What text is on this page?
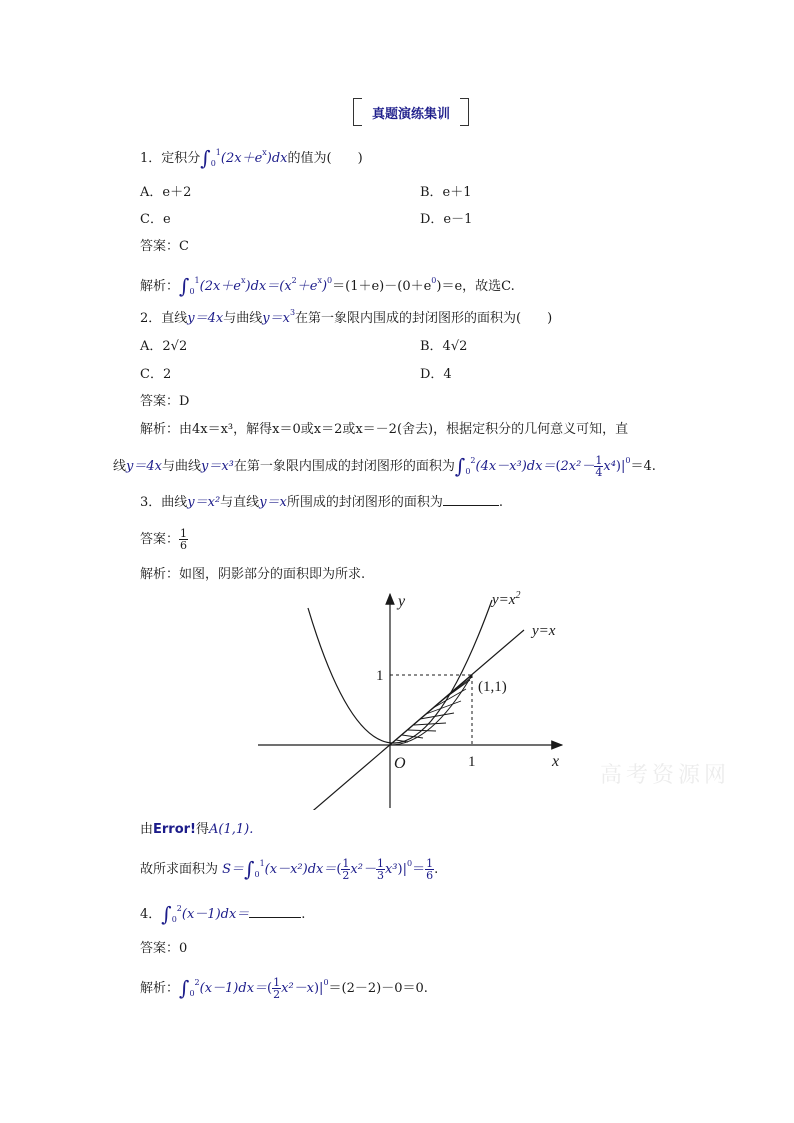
真题演练集训
1．定积分$\int_0^1(2x+e^x)dx$的值为(　　)
A．e＋2	B．e＋1
C．e	D．e－1
答案：C
解析：$\int_0^1(2x+e^x)dx=(x^2+e^x)^0=(1+e)-(0+e^0)=e$，故选C.
2．直线y＝4x与曲线$y=x^3$在第一象限内围成的封闭图形的面积为(　　)
A．2√2	B．4√2
C．2	D．4
答案：D
解析：由4x＝x³，解得x＝0或x＝2或x＝－2(舍去)，根据定积分的几何意义可知，直
线y＝4x与曲线y＝x³在第一象限内围成的封闭图形的面积为$\int_0^2(4x-x^3)dx=(2x^2- \frac{1}{4} x^4)|^0=4$.
3．曲线y＝x²与直线y＝x所围成的封闭图形的面积为	.
答案： $\frac{1}{6}$
解析：如图，阴影部分的面积即为所求.
y
x
O	1
1
(1,1)
$y=x^2$
y=x
高考资源网
由Error!得A(1,1).
故所求面积为 $S=\int_0^1(x-x^2)dx=( \frac{1}{2} x^2- \frac{1}{3} x^3)|^0= \frac{1}{6}$ .
4．$\int_0^2(x-1)dx=$	.
答案：0
解析：$\int_0^2(x-1)dx=( \frac{1}{2} x^2-x)|^0=(2-2)-0=0$.
